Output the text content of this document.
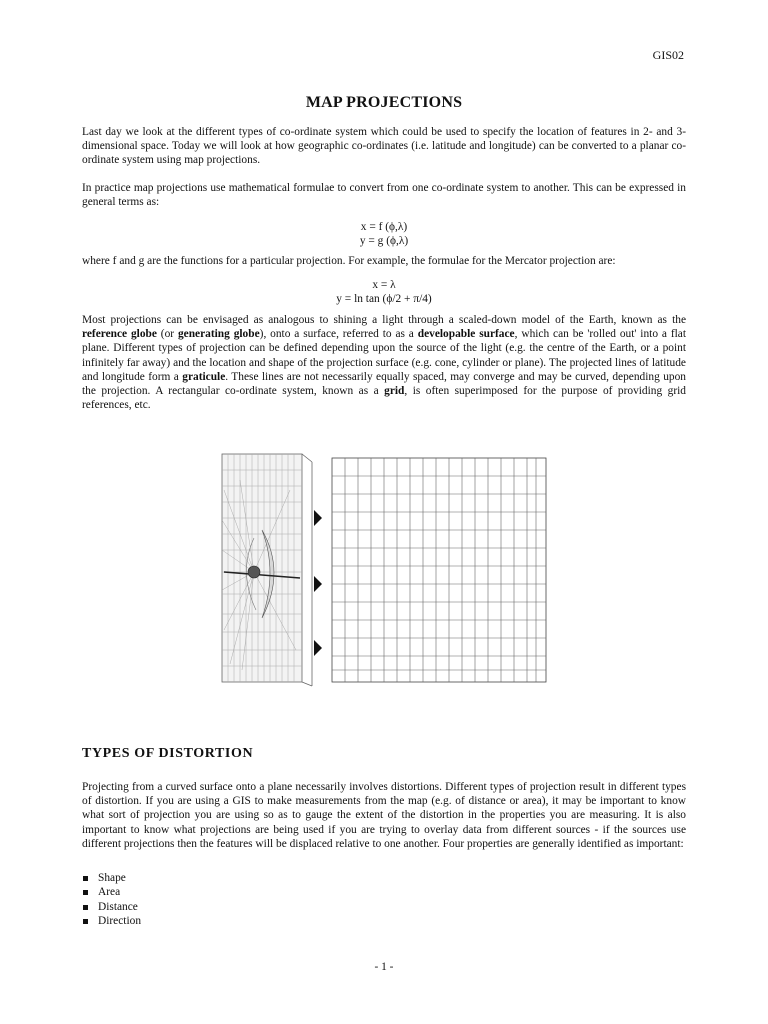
GIS02
MAP PROJECTIONS

Last day we look at the different types of co-ordinate system which could be used to specify the location of features in 2- and 3-dimensional space. Today we will look at how geographic co-ordinates (i.e. latitude and longitude) can be converted to a planar co-ordinate system using map projections.

In practice map projections use mathematical formulae to convert from one co-ordinate system to another. This can be expressed in general terms as:

x = f (ϕ,λ)
y = g (ϕ,λ)

where f and g are the functions for a particular projection. For example, the formulae for the Mercator projection are:

x = λ
y = ln tan (ϕ/2 + π/4)

Most projections can be envisaged as analogous to shining a light through a scaled-down model of the Earth, known as the reference globe (or generating globe), onto a surface, referred to as a developable surface, which can be 'rolled out' into a flat plane. Different types of projection can be defined depending upon the source of the light (e.g. the centre of the Earth, or a point infinitely far away) and the location and shape of the projection surface (e.g. cone, cylinder or plane). The projected lines of latitude and longitude form a graticule. These lines are not necessarily equally spaced, may converge and may be curved, depending upon the projection. A rectangular co-ordinate system, known as a grid, is often superimposed for the purpose of providing grid references, etc.

TYPES OF DISTORTION

Projecting from a curved surface onto a plane necessarily involves distortions. Different types of projection result in different types of distortion. If you are using a GIS to make measurements from the map (e.g. of distance or area), it may be important to know what sort of projection you are using so as to gauge the extent of the distortion in the properties you are measuring. It is also important to know what projections are being used if you are trying to overlay data from different sources - if the sources use different projections then the features will be displaced relative to one another. Four properties are generally identified as important:

Shape
Area
Distance
Direction
- 1 -
